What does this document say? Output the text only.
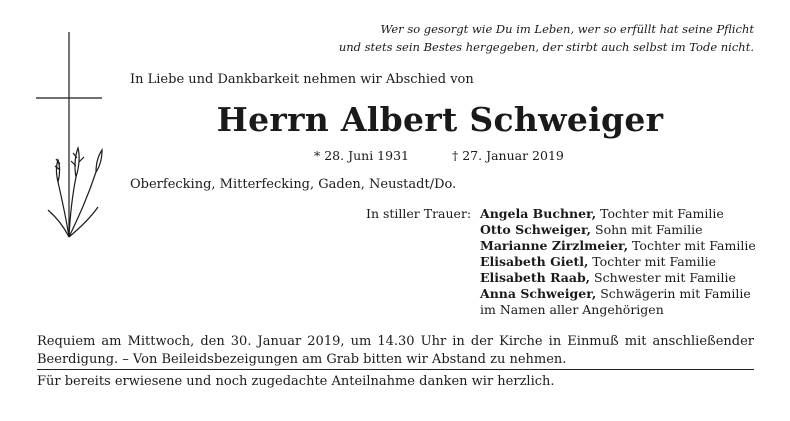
Wer so gesorgt wie Du im Leben, wer so erfüllt hat seine Pflicht
und stets sein Bestes hergegeben, der stirbt auch selbst im Tode nicht.
In Liebe und Dankbarkeit nehmen wir Abschied von
Herrn Albert Schweiger
* 28. Juni 1931	† 27. Januar 2019
Oberfecking, Mitterfecking, Gaden, Neustadt/Do.
In stiller Trauer: Angela Buchner, Tochter mit Familie
Otto Schweiger, Sohn mit Familie
Marianne Zirzlmeier, Tochter mit Familie
Elisabeth Gietl, Tochter mit Familie
Elisabeth Raab, Schwester mit Familie
Anna Schweiger, Schwägerin mit Familie
im Namen aller Angehörigen
Requiem am Mittwoch, den 30. Januar 2019, um 14.30 Uhr in der Kirche in Einmuß mit anschließender Beerdigung. – Von Beileidsbezeigungen am Grab bitten wir Abstand zu nehmen.
Für bereits erwiesene und noch zugedachte Anteilnahme danken wir herzlich.
